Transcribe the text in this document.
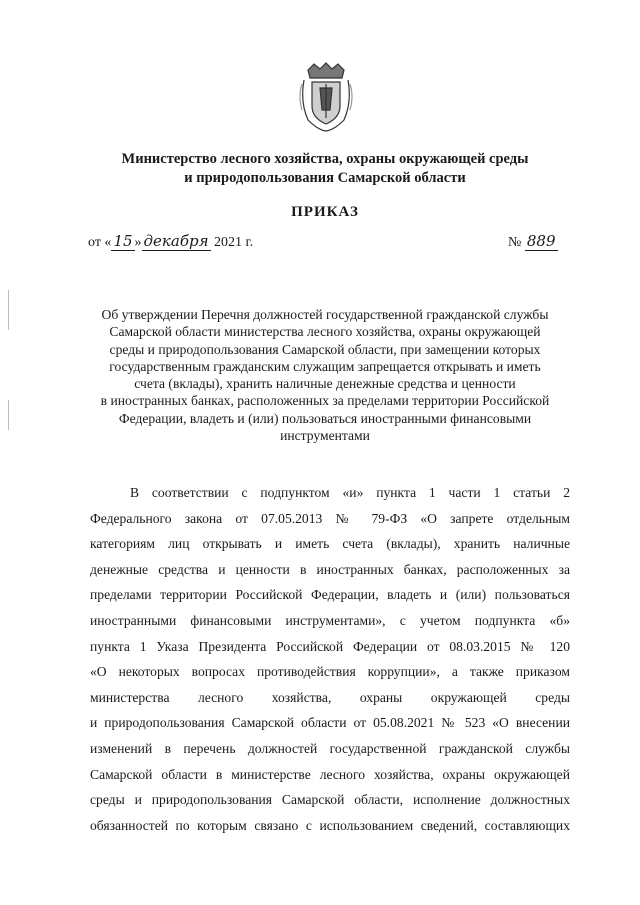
Министерство лесного хозяйства, охраны окружающей среды
и природопользования Самарской области
ПРИКАЗ
от « 15 » декабря 2021 г.	№ 889
Об утверждении Перечня должностей государственной гражданской службы
Самарской области министерства лесного хозяйства, охраны окружающей
среды и природопользования Самарской области, при замещении которых
государственным гражданским служащим запрещается открывать и иметь
счета (вклады), хранить наличные денежные средства и ценности
в иностранных банках, расположенных за пределами территории Российской
Федерации, владеть и (или) пользоваться иностранными финансовыми
инструментами
В соответствии с подпунктом «и» пункта 1 части 1 статьи 2
Федерального закона от 07.05.2013 № 79-ФЗ «О запрете отдельным
категориям лиц открывать и иметь счета (вклады), хранить наличные
денежные средства и ценности в иностранных банках, расположенных за
пределами территории Российской Федерации, владеть и (или) пользоваться
иностранными финансовыми инструментами», с учетом подпункта «б»
пункта 1 Указа Президента Российской Федерации от 08.03.2015 № 120
«О некоторых вопросах противодействия коррупции», а также приказом
министерства лесного хозяйства, охраны окружающей среды
и природопользования Самарской области от 05.08.2021 № 523 «О внесении
изменений в перечень должностей государственной гражданской службы
Самарской области в министерстве лесного хозяйства, охраны окружающей
среды и природопользования Самарской области, исполнение должностных
обязанностей по которым связано с использованием сведений, составляющих
